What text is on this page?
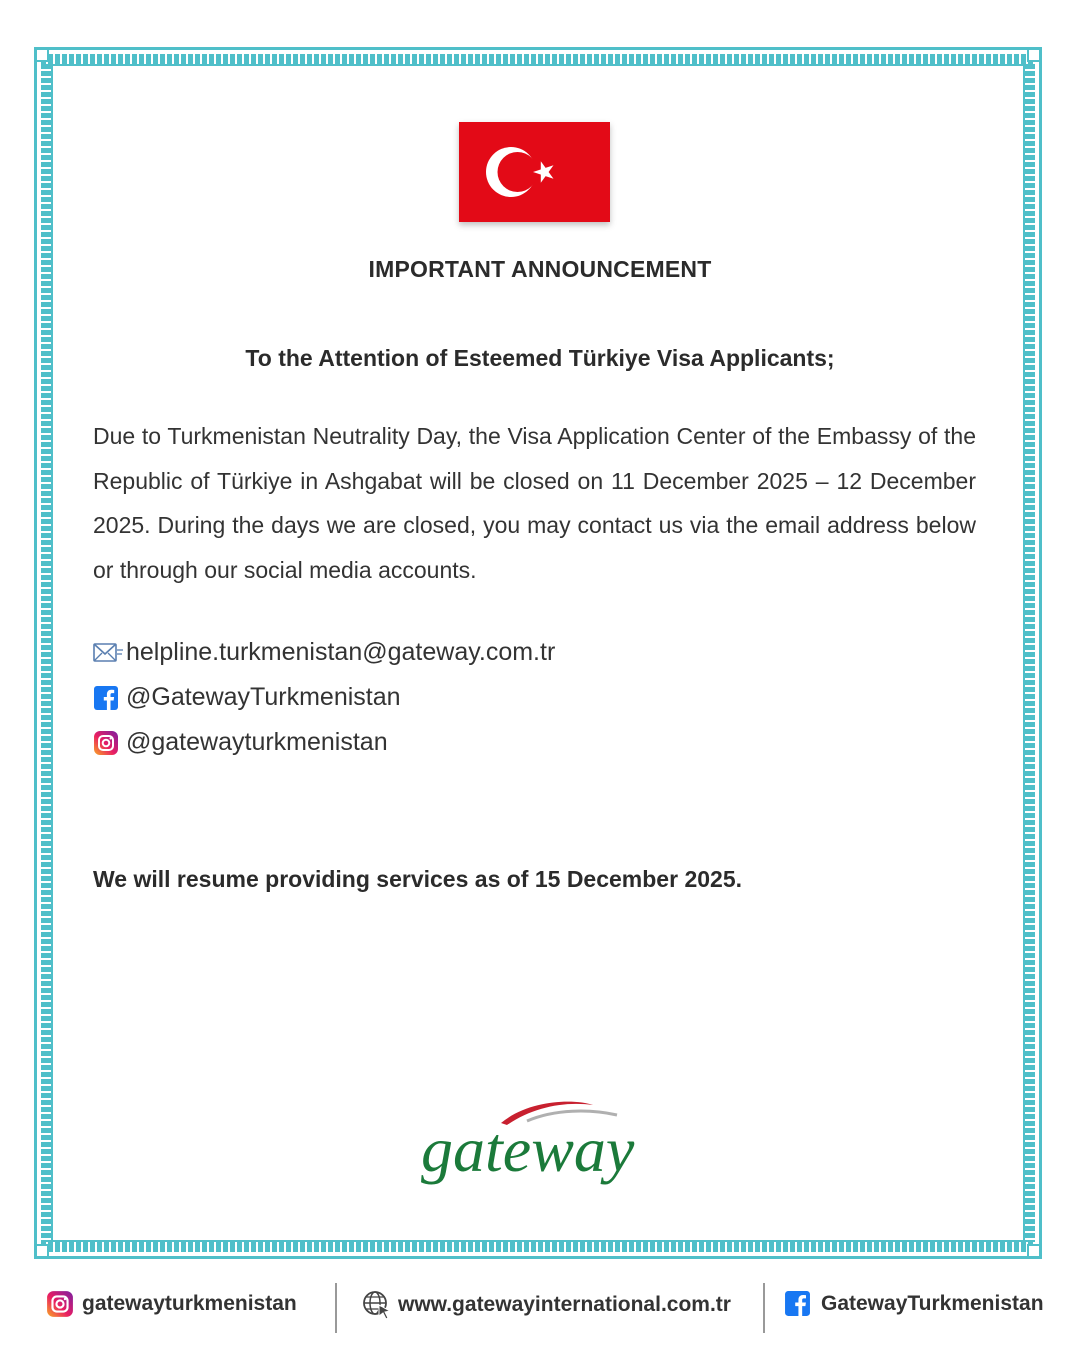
IMPORTANT ANNOUNCEMENT
To the Attention of Esteemed Türkiye Visa Applicants;
Due to Turkmenistan Neutrality Day, the Visa Application Center of the Embassy of the Republic of Türkiye in Ashgabat will be closed on 11 December 2025 – 12 December 2025. During the days we are closed, you may contact us via the email address below or through our social media accounts.
helpline.turkmenistan@gateway.com.tr
@GatewayTurkmenistan
@gatewayturkmenistan
We will resume providing services as of 15 December 2025.
gateway
gatewayturkmenistan	www.gatewayinternational.com.tr	GatewayTurkmenistan
